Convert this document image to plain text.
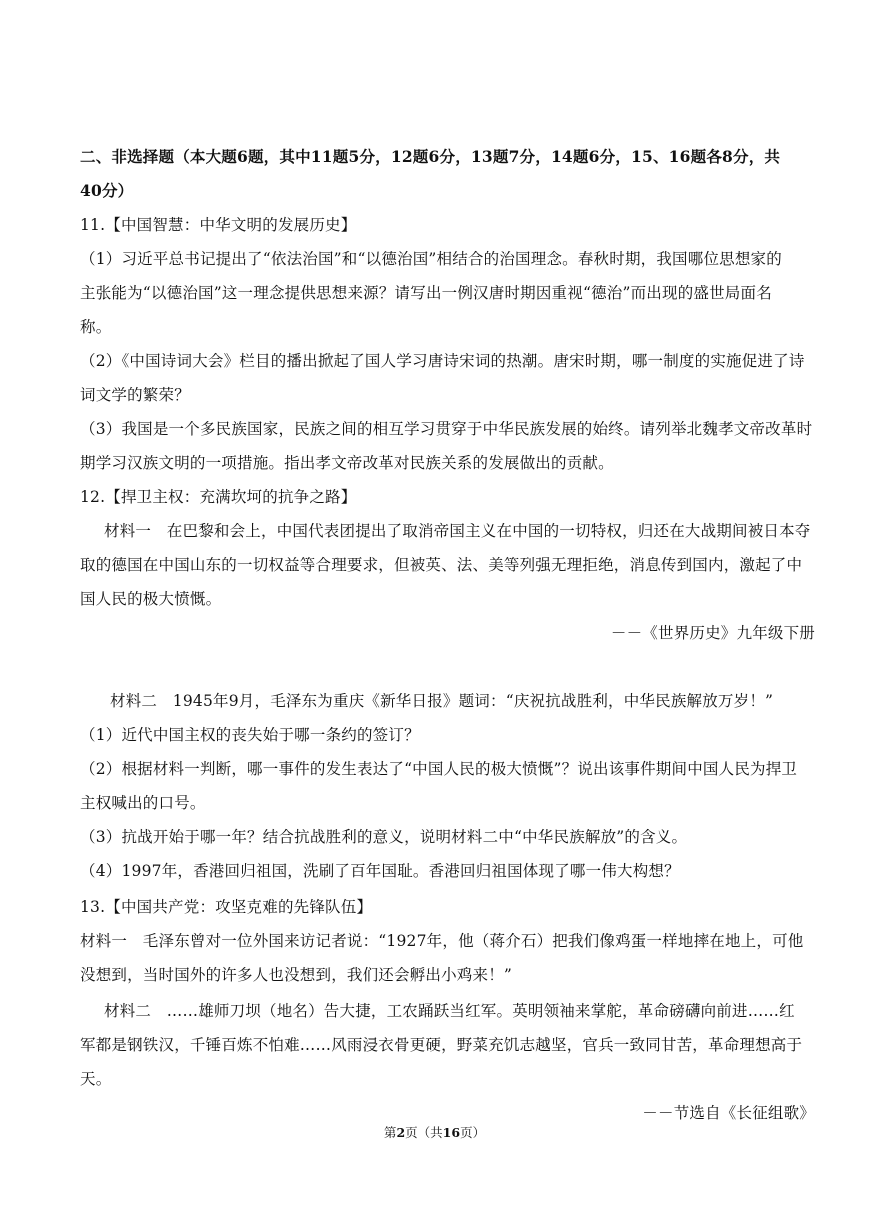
二、非选择题（本大题6题，其中11题5分，12题6分，13题7分，14题6分，15、16题各8分，共
40分）
11.【中国智慧：中华文明的发展历史】
（1）习近平总书记提出了“依法治国”和“以德治国”相结合的治国理念。春秋时期，我国哪位思想家的
主张能为“以德治国”这一理念提供思想来源？请写出一例汉唐时期因重视“德治”而出现的盛世局面名
称。
（2）《中国诗词大会》栏目的播出掀起了国人学习唐诗宋词的热潮。唐宋时期，哪一制度的实施促进了诗
词文学的繁荣？
（3）我国是一个多民族国家，民族之间的相互学习贯穿于中华民族发展的始终。请列举北魏孝文帝改革时
期学习汉族文明的一项措施。指出孝文帝改革对民族关系的发展做出的贡献。
12.【捍卫主权：充满坎坷的抗争之路】
材料一　在巴黎和会上，中国代表团提出了取消帝国主义在中国的一切特权，归还在大战期间被日本夺
取的德国在中国山东的一切权益等合理要求，但被英、法、美等列强无理拒绝，消息传到国内，激起了中
国人民的极大愤慨。
－－《世界历史》九年级下册
材料二　1945年9月，毛泽东为重庆《新华日报》题词：“庆祝抗战胜利，中华民族解放万岁！”
（1）近代中国主权的丧失始于哪一条约的签订？
（2）根据材料一判断，哪一事件的发生表达了“中国人民的极大愤慨”？说出该事件期间中国人民为捍卫
主权喊出的口号。
（3）抗战开始于哪一年？结合抗战胜利的意义，说明材料二中“中华民族解放”的含义。
（4）1997年，香港回归祖国，洗刷了百年国耻。香港回归祖国体现了哪一伟大构想？
13.【中国共产党：攻坚克难的先锋队伍】
材料一　毛泽东曾对一位外国来访记者说：“1927年，他（蒋介石）把我们像鸡蛋一样地摔在地上，可他
没想到，当时国外的许多人也没想到，我们还会孵出小鸡来！”
材料二　……雄师刀坝（地名）告大捷，工农踊跃当红军。英明领袖来掌舵，革命磅礴向前进……红
军都是钢铁汉，千锤百炼不怕难……风雨浸衣骨更硬，野菜充饥志越坚，官兵一致同甘苦，革命理想高于
天。
－－节选自《长征组歌》
第2页（共16页）
